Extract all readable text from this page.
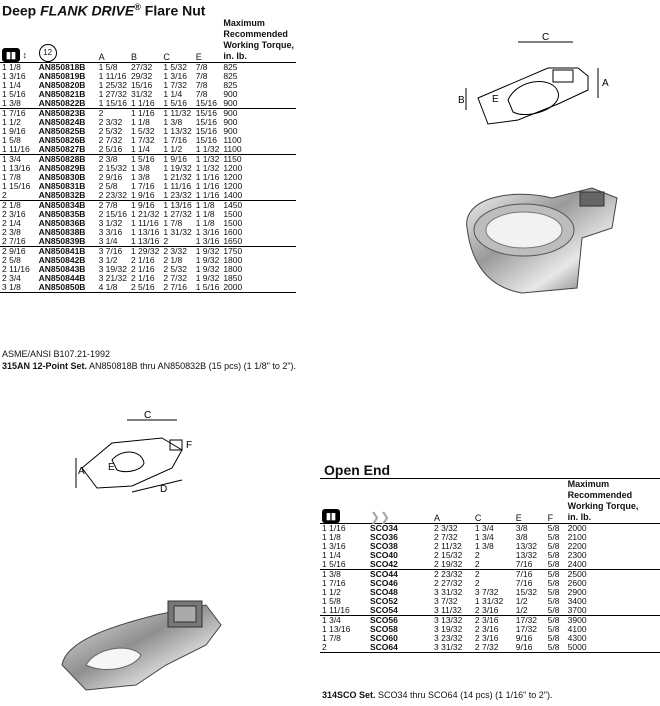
Deep FLANK DRIVE® Flare Nut
▮▮ ↕	12	A	B	C	E	Maximum
Recommended
Working Torque,
in. lb.

1 1/8	AN850818B	1 5/8	27/32	1 5/32	7/8	825
1 3/16	AN850819B	1 11/16	29/32	1 3/16	7/8	825
1 1/4	AN850820B	1 25/32	15/16	1 7/32	7/8	825
1 5/16	AN850821B	1 27/32	31/32	1 1/4	7/8	900
1 3/8	AN850822B	1 15/16	1 1/16	1 5/16	15/16	900
1 7/16	AN850823B	2	1 1/16	1 11/32	15/16	900
1 1/2	AN850824B	2 3/32	1 1/8	1 3/8	15/16	900
1 9/16	AN850825B	2 5/32	1 5/32	1 13/32	15/16	900
1 5/8	AN850826B	2 7/32	1 7/32	1 7/16	15/16	1100
1 11/16	AN850827B	2 5/16	1 1/4	1 1/2	1 1/32	1100
1 3/4	AN850828B	2 3/8	1 5/16	1 9/16	1 1/32	1150
1 13/16	AN850829B	2 15/32	1 3/8	1 19/32	1 1/32	1200
1 7/8	AN850830B	2 9/16	1 3/8	1 21/32	1 1/16	1200
1 15/16	AN850831B	2 5/8	1 7/16	1 11/16	1 1/16	1200
2	AN850832B	2 23/32	1 9/16	1 23/32	1 1/16	1400
2 1/8	AN850834B	2 7/8	1 9/16	1 13/16	1 1/8	1450
2 3/16	AN850835B	2 15/16	1 21/32	1 27/32	1 1/8	1500
2 1/4	AN850836B	3 1/32	1 11/16	1 7/8	1 1/8	1500
2 3/8	AN850838B	3 3/16	1 13/16	1 31/32	1 3/16	1600
2 7/16	AN850839B	3 1/4	1 13/16	2	1 3/16	1650
2 9/16	AN850841B	3 7/16	1 29/32	2 3/32	1 9/32	1750
2 5/8	AN850842B	3 1/2	2 1/16	2 1/8	1 9/32	1800
2 11/16	AN850843B	3 19/32	2 1/16	2 5/32	1 9/32	1800
2 3/4	AN850844B	3 21/32	2 1/16	2 7/32	1 9/32	1850
3 1/8	AN850850B	4 1/8	2 5/16	2 7/16	1 5/16	2000
ASME/ANSI B107.21-1992
315AN 12-Point Set. AN850818B thru AN850832B (15 pcs) (1 1/8" to 2").
C
A
B	E
C
F
A E
D
Open End
▮▮	❯❯	A	C	E	F	Maximum
Recommended
Working Torque,
in. lb.

1 1/16	SCO34	2 3/32	1 3/4	3/8	5/8	2000
1 1/8	SCO36	2 7/32	1 3/4	3/8	5/8	2100
1 3/16	SCO38	2 11/32	1 3/8	13/32	5/8	2200
1 1/4	SCO40	2 15/32	2	13/32	5/8	2300
1 5/16	SCO42	2 19/32	2	7/16	5/8	2400
1 3/8	SCO44	2 23/32	2	7/16	5/8	2500
1 7/16	SCO46	2 27/32	2	7/16	5/8	2600
1 1/2	SCO48	3 31/32	3 7/32	15/32	5/8	2900
1 5/8	SCO52	3 7/32	1 31/32	1/2	5/8	3400
1 11/16	SCO54	3 11/32	2 3/16	1/2	5/8	3700
1 3/4	SCO56	3 13/32	2 3/16	17/32	5/8	3900
1 13/16	SCO58	3 19/32	2 3/16	17/32	5/8	4100
1 7/8	SCO60	3 23/32	2 3/16	9/16	5/8	4300
2	SCO64	3 31/32	2 7/32	9/16	5/8	5000
314SCO Set. SCO34 thru SCO64 (14 pcs) (1 1/16" to 2").
